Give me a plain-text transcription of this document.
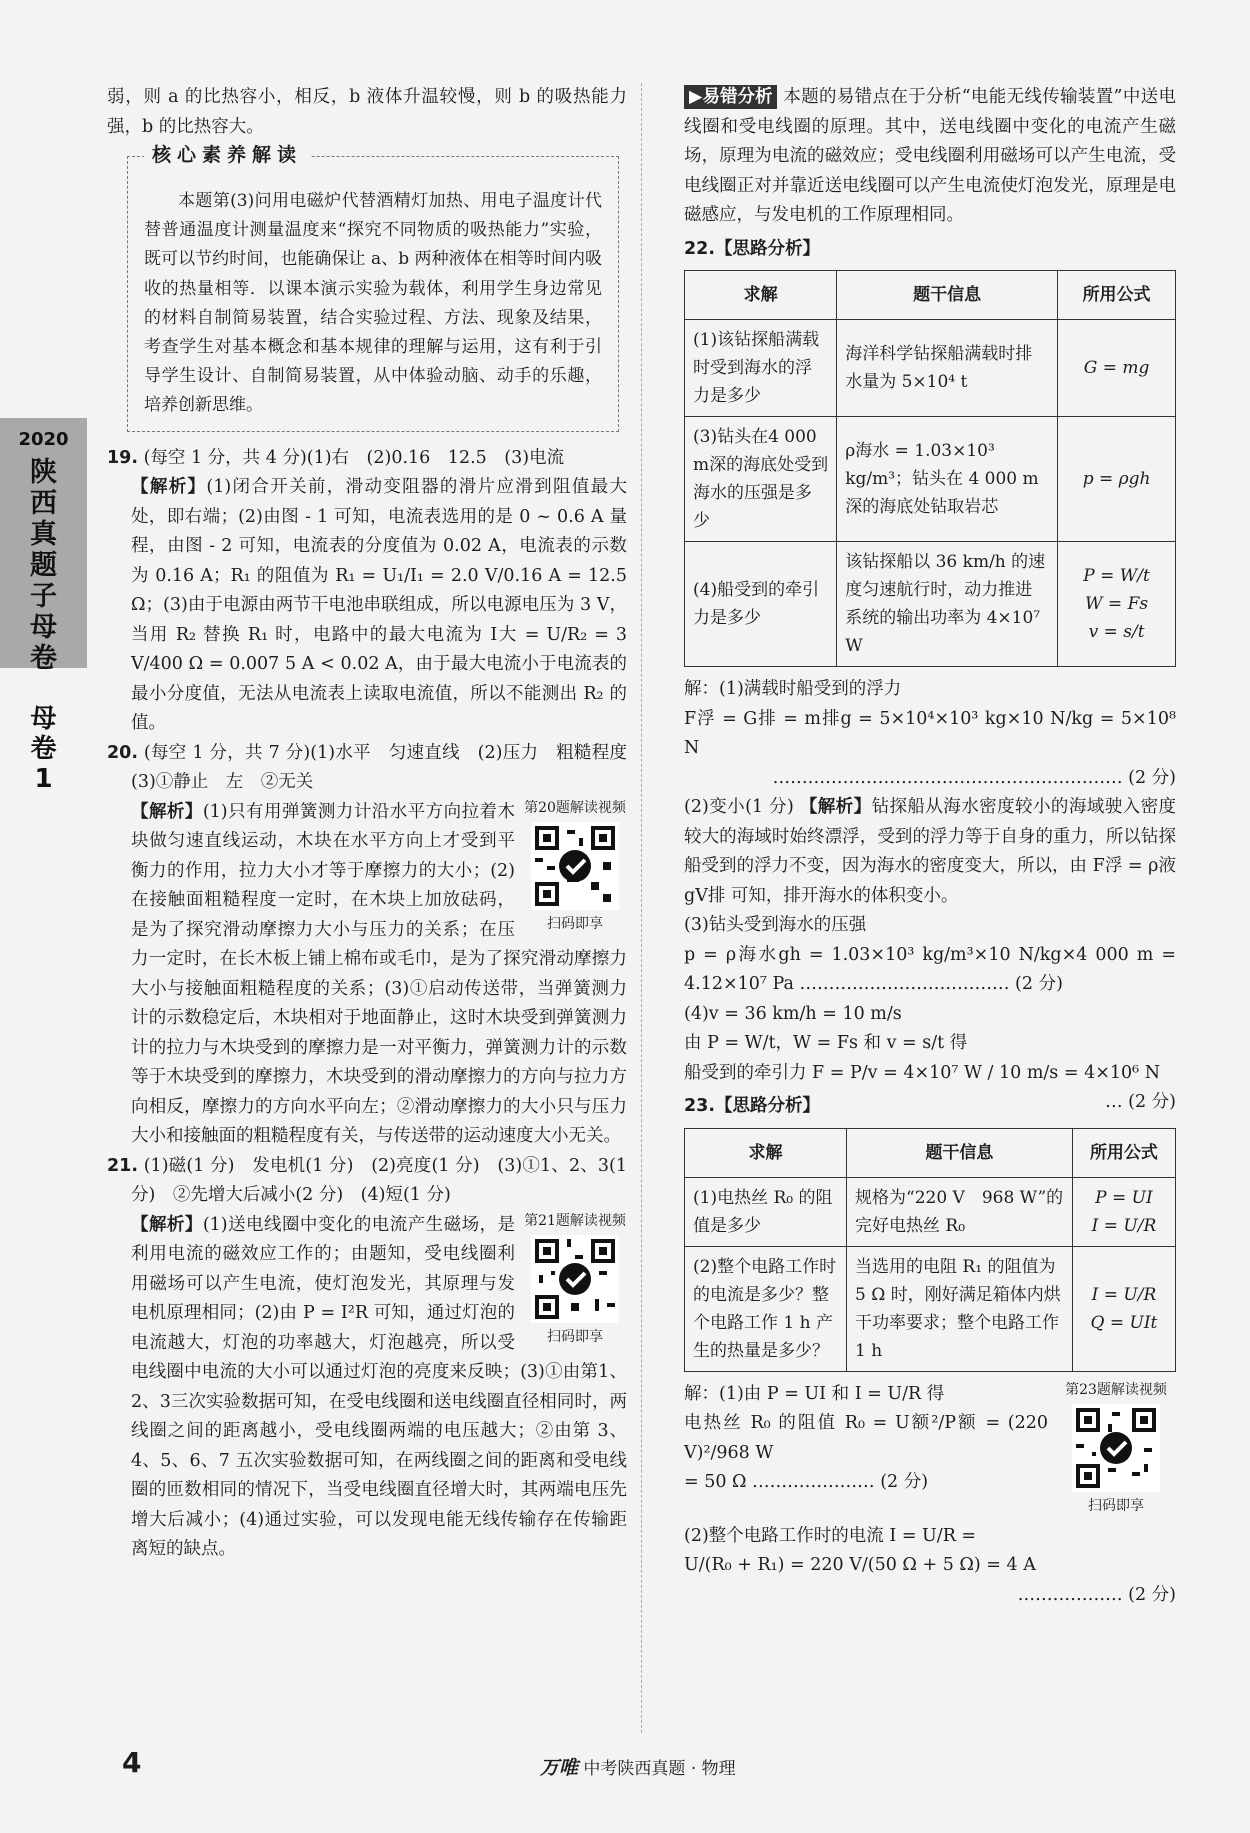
2020
陕西真题子母卷
母卷1

弱，则 a 的比热容小，相反，b 液体升温较慢，则 b 的吸热能力强，b 的比热容大。

核心素养解读

本题第(3)问用电磁炉代替酒精灯加热、用电子温度计代替普通温度计测量温度来“探究不同物质的吸热能力”实验，既可以节约时间，也能确保让 a、b 两种液体在相等时间内吸收的热量相等．以课本演示实验为载体，利用学生身边常见的材料自制简易装置，结合实验过程、方法、现象及结果，考查学生对基本概念和基本规律的理解与运用，这有利于引导学生设计、自制简易装置，从中体验动脑、动手的乐趣，培养创新思维。

19. (每空 1 分，共 4 分)(1)右　(2)0.16　12.5　(3)电流

【解析】(1)闭合开关前，滑动变阻器的滑片应滑到阻值最大处，即右端；(2)由图 - 1 可知，电流表选用的是 0 ~ 0.6 A 量程，由图 - 2 可知，电流表的分度值为 0.02 A，电流表的示数为 0.16 A；R₁ 的阻值为 R₁ = U₁/I₁ = 2.0 V/0.16 A = 12.5 Ω；(3)由于电源由两节干电池串联组成，所以电源电压为 3 V，当用 R₂ 替换 R₁ 时，电路中的最大电流为 I大 = U/R₂ = 3 V/400 Ω = 0.007 5 A < 0.02 A，由于最大电流小于电流表的最小分度值，无法从电流表上读取电流值，所以不能测出 R₂ 的值。

20. (每空 1 分，共 7 分)(1)水平　匀速直线　(2)压力　粗糙程度　(3)①静止　左　②无关

第20题解读视频
扫码即享

【解析】(1)只有用弹簧测力计沿水平方向拉着木块做匀速直线运动，木块在水平方向上才受到平衡力的作用，拉力大小才等于摩擦力的大小；(2)在接触面粗糙程度一定时，在木块上加放砝码，是为了探究滑动摩擦力大小与压力的关系；在压力一定时，在长木板上铺上棉布或毛巾，是为了探究滑动摩擦力大小与接触面粗糙程度的关系；(3)①启动传送带，当弹簧测力计的示数稳定后，木块相对于地面静止，这时木块受到弹簧测力计的拉力与木块受到的摩擦力是一对平衡力，弹簧测力计的示数等于木块受到的摩擦力，木块受到的滑动摩擦力的方向与拉力方向相反，摩擦力的方向水平向左；②滑动摩擦力的大小只与压力大小和接触面的粗糙程度有关，与传送带的运动速度大小无关。

21. (1)磁(1 分)　发电机(1 分)　(2)亮度(1 分)　(3)①1、2、3(1 分)　②先增大后减小(2 分)　(4)短(1 分)

第21题解读视频
扫码即享

【解析】(1)送电线圈中变化的电流产生磁场，是利用电流的磁效应工作的；由题知，受电线圈利用磁场可以产生电流，使灯泡发光，其原理与发电机原理相同；(2)由 P = I²R 可知，通过灯泡的电流越大，灯泡的功率越大，灯泡越亮，所以受电线圈中电流的大小可以通过灯泡的亮度来反映；(3)①由第1、2、3三次实验数据可知，在受电线圈和送电线圈直径相同时，两线圈之间的距离越小，受电线圈两端的电压越大；②由第 3、4、5、6、7 五次实验数据可知，在两线圈之间的距离和受电线圈的匝数相同的情况下，当受电线圈直径增大时，其两端电压先增大后减小；(4)通过实验，可以发现电能无线传输存在传输距离短的缺点。

▶易错分析 本题的易错点在于分析“电能无线传输装置”中送电线圈和受电线圈的原理。其中，送电线圈中变化的电流产生磁场，原理为电流的磁效应；受电线圈利用磁场可以产生电流，受电线圈正对并靠近送电线圈可以产生电流使灯泡发光，原理是电磁感应，与发电机的工作原理相同。

22.【思路分析】

求解	题干信息	所用公式
(1)该钻探船满载时受到海水的浮力是多少	海洋科学钻探船满载时排水量为 5×10⁴ t	G = mg
(3)钻头在4 000 m深的海底处受到海水的压强是多少	ρ海水 = 1.03×10³ kg/m³；钻头在 4 000 m 深的海底处钻取岩芯	p = ρgh
(4)船受到的牵引力是多少	该钻探船以 36 km/h 的速度匀速航行时，动力推进系统的输出功率为 4×10⁷ W	P = W/t
W = Fs
v = s/t

解：(1)满载时船受到的浮力

F浮 = G排 = m排g = 5×10⁴×10³ kg×10 N/kg = 5×10⁸ N

…………………………………………………… (2 分)

(2)变小(1 分) 【解析】钻探船从海水密度较小的海域驶入密度较大的海域时始终漂浮，受到的浮力等于自身的重力，所以钻探船受到的浮力不变，因为海水的密度变大，所以，由 F浮 = ρ液gV排 可知，排开海水的体积变小。

(3)钻头受到海水的压强

p = ρ海水gh = 1.03×10³ kg/m³×10 N/kg×4 000 m = 4.12×10⁷ Pa ……………………………… (2 分)

(4)v = 36 km/h = 10 m/s

由 P = W/t，W = Fs 和 v = s/t 得

船受到的牵引力 F = P/v = 4×10⁷ W / 10 m/s = 4×10⁶ N
… (2 分)

23.【思路分析】

求解	题干信息	所用公式
(1)电热丝 R₀ 的阻值是多少	规格为“220 V　968 W”的完好电热丝 R₀	P = UI
I = U/R
(2)整个电路工作时的电流是多少？整个电路工作 1 h 产生的热量是多少？	当选用的电阻 R₁ 的阻值为 5 Ω 时，刚好满足箱体内烘干功率要求；整个电路工作 1 h	I = U/R
Q = UIt
第23题解读视频
扫码即享

解：(1)由 P = UI 和 I = U/R 得

电热丝 R₀ 的阻值 R₀ = U额²/P额 = (220 V)²/968 W

= 50 Ω ………………… (2 分)

(2)整个电路工作时的电流 I = U/R =

U/(R₀ + R₁) = 220 V/(50 Ω + 5 Ω) = 4 A
……………… (2 分)

4	万唯 中考陕西真题 · 物理
